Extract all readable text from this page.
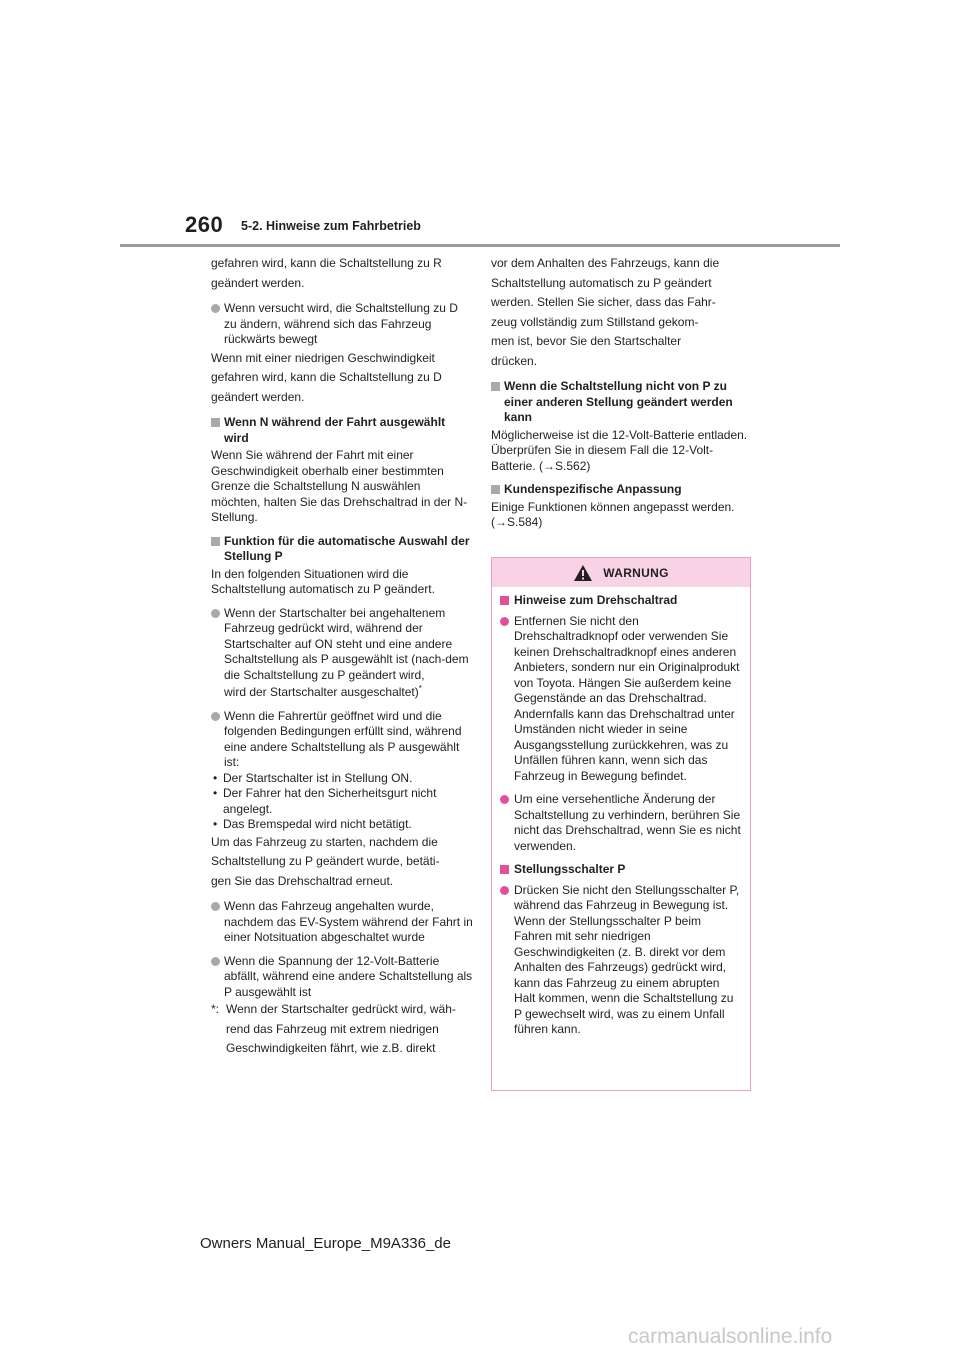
260 5-2. Hinweise zum Fahrbetrieb

gefahren wird, kann die Schaltstellung zu R

geändert werden.

Wenn versucht wird, die Schaltstellung zu D zu ändern, während sich das Fahrzeug rückwärts bewegt

Wenn mit einer niedrigen Geschwindigkeit

gefahren wird, kann die Schaltstellung zu D

geändert werden.

Wenn N während der Fahrt ausgewählt wird

Wenn Sie während der Fahrt mit einer Geschwindigkeit oberhalb einer bestimmten Grenze die Schaltstellung N auswählen möchten, halten Sie das Drehschaltrad in der N-Stellung.

Funktion für die automatische Auswahl der Stellung P

In den folgenden Situationen wird die Schaltstellung automatisch zu P geändert.

Wenn der Startschalter bei angehaltenem Fahrzeug gedrückt wird, während der Startschalter auf ON steht und eine andere Schaltstellung als P ausgewählt ist (nach-dem die Schaltstellung zu P geändert wird,
wird der Startschalter ausgeschaltet)*
Wenn die Fahrertür geöffnet wird und die folgenden Bedingungen erfüllt sind, während eine andere Schaltstellung als P ausgewählt ist:
• Der Startschalter ist in Stellung ON.
• Der Fahrer hat den Sicherheitsgurt nicht angelegt.
• Das Bremspedal wird nicht betätigt.

Um das Fahrzeug zu starten, nachdem die

Schaltstellung zu P geändert wurde, betäti-

gen Sie das Drehschaltrad erneut.

Wenn das Fahrzeug angehalten wurde, nachdem das EV-System während der Fahrt in einer Notsituation abgeschaltet wurde
Wenn die Spannung der 12-Volt-Batterie abfällt, während eine andere Schaltstellung als P ausgewählt ist
*: Wenn der Startschalter gedrückt wird, wäh-
rend das Fahrzeug mit extrem niedrigen
Geschwindigkeiten fährt, wie z.B. direkt

vor dem Anhalten des Fahrzeugs, kann die

Schaltstellung automatisch zu P geändert

werden. Stellen Sie sicher, dass das Fahr-

zeug vollständig zum Stillstand gekom-

men ist, bevor Sie den Startschalter

drücken.

Wenn die Schaltstellung nicht von P zu einer anderen Stellung geändert werden kann

Möglicherweise ist die 12-Volt-Batterie entladen. Überprüfen Sie in diesem Fall die 12-Volt-Batterie. (→S.562)

Kundenspezifische Anpassung

Einige Funktionen können angepasst werden. (→S.584)

WARNUNG
Hinweise zum Drehschaltrad
Entfernen Sie nicht den Drehschaltradknopf oder verwenden Sie keinen Drehschaltradknopf eines anderen Anbieters, sondern nur ein Originalprodukt von Toyota. Hängen Sie außerdem keine Gegenstände an das Drehschaltrad.
Andernfalls kann das Drehschaltrad unter Umständen nicht wieder in seine Ausgangsstellung zurückkehren, was zu Unfällen führen kann, wenn sich das Fahrzeug in Bewegung befindet.
Um eine versehentliche Änderung der Schaltstellung zu verhindern, berühren Sie nicht das Drehschaltrad, wenn Sie es nicht verwenden.
Stellungsschalter P
Drücken Sie nicht den Stellungsschalter P, während das Fahrzeug in Bewegung ist.
Wenn der Stellungsschalter P beim Fahren mit sehr niedrigen Geschwindigkeiten (z. B. direkt vor dem Anhalten des Fahrzeugs) gedrückt wird, kann das Fahrzeug zu einem abrupten Halt kommen, wenn die Schaltstellung zu P gewechselt wird, was zu einem Unfall führen kann.
Owners Manual_Europe_M9A336_de
carmanualsonline.info
